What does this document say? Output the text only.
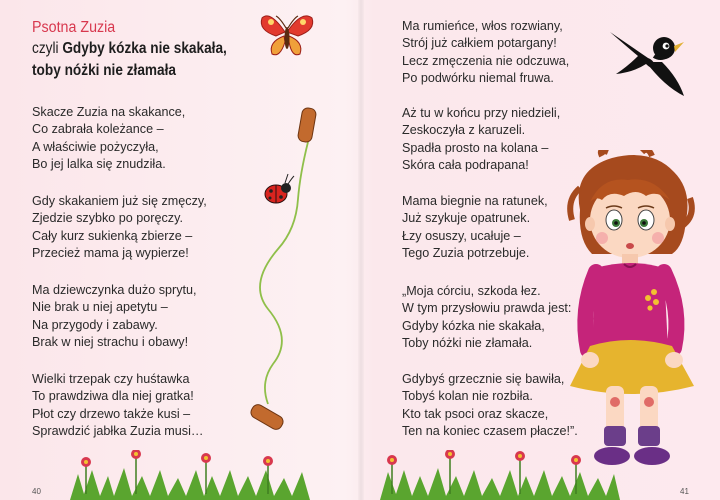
Psotna Zuzia
czyli Gdyby kózka nie skakała,
toby nóżki nie złamała
Skacze Zuzia na skakance,
Co zabrała koleżance –
A właściwie pożyczyła,
Bo jej lalka się znudziła.
Gdy skakaniem już się zmęczy,
Zjedzie szybko po poręczy.
Cały kurz sukienką zbierze –
Przecież mama ją wypierze!
Ma dziewczynka dużo sprytu,
Nie brak u niej apetytu –
Na przygody i zabawy.
Brak w niej strachu i obawy!
Wielki trzepak czy huśtawka
To prawdziwa dla niej gratka!
Płot czy drzewo także kusi –
Sprawdzić jabłka Zuzia musi…
Ma rumieńce, włos rozwiany,
Strój już całkiem potargany!
Lecz zmęczenia nie odczuwa,
Po podwórku niemal fruwa.
Aż tu w końcu przy niedzieli,
Zeskoczyła z karuzeli.
Spadła prosto na kolana –
Skóra cała podrapana!
Mama biegnie na ratunek,
Już szykuje opatrunek.
Łzy osuszy, ucałuje –
Tego Zuzia potrzebuje.
„Moja córciu, szkoda łez.
W tym przysłowiu prawda jest:
Gdyby kózka nie skakała,
Toby nóżki nie złamała.
Gdybyś grzecznie się bawiła,
Tobyś kolan nie rozbiła.
Kto tak psoci oraz skacze,
Ten na koniec czasem płacze!”.
40	41
